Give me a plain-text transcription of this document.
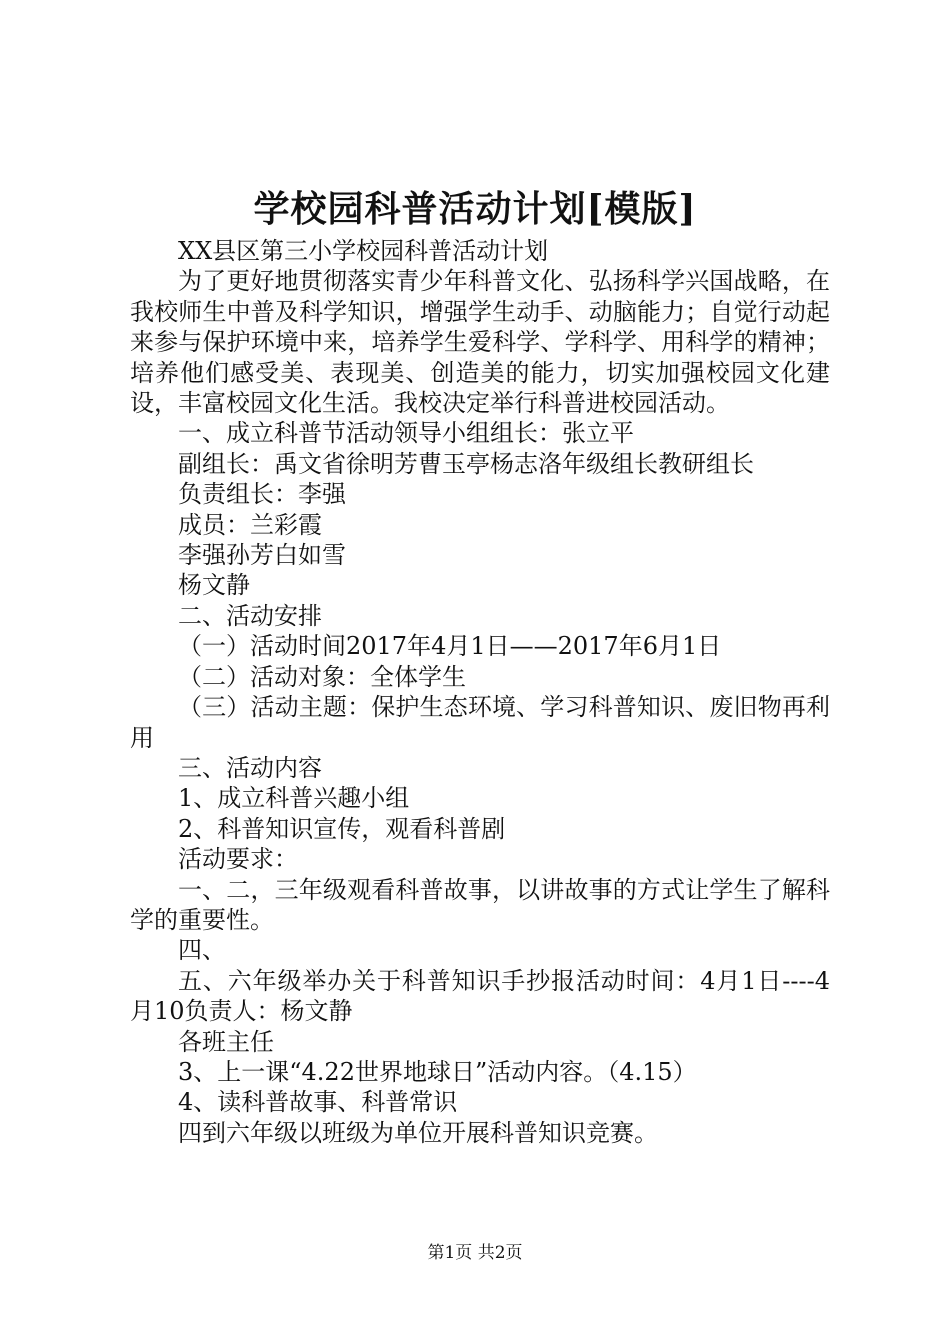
学校园科普活动计划[模版]

XX县区第三小学校园科普活动计划

为了更好地贯彻落实青少年科普文化、弘扬科学兴国战略，在我校师生中普及科学知识，增强学生动手、动脑能力；自觉行动起来参与保护环境中来，培养学生爱科学、学科学、用科学的精神；培养他们感受美、表现美、创造美的能力，切实加强校园文化建设，丰富校园文化生活。我校决定举行科普进校园活动。

一、成立科普节活动领导小组组长：张立平

副组长：禹文省徐明芳曹玉亭杨志洛年级组长教研组长

负责组长：李强

成员：兰彩霞

李强孙芳白如雪

杨文静

二、活动安排

（一）活动时间2017年4月1日——2017年6月1日

（二）活动对象：全体学生

（三）活动主题：保护生态环境、学习科普知识、废旧物再利用

三、活动内容

1、成立科普兴趣小组

2、科普知识宣传，观看科普剧

活动要求：

一、二，三年级观看科普故事，以讲故事的方式让学生了解科学的重要性。

四、

五、六年级举办关于科普知识手抄报活动时间：4月1日----4月10负责人：杨文静

各班主任

3、上一课“4.22世界地球日”活动内容。（4.15）

4、读科普故事、科普常识

四到六年级以班级为单位开展科普知识竞赛。

第1页 共2页
